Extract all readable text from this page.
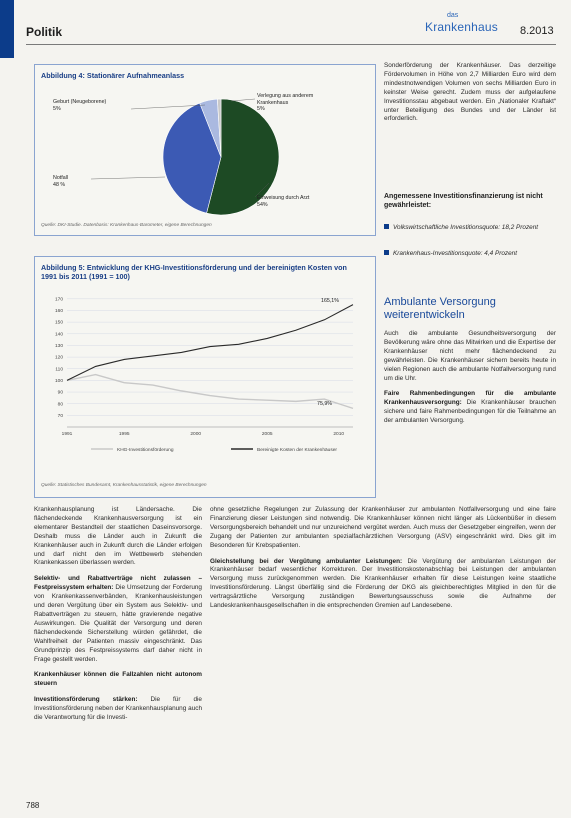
Politik
das
Krankenhaus	8.2013
Abbildung 4: Stationärer Aufnahmeanlass
Geburt (Neugeborene)
5%
Verlegung aus anderem Krankenhaus
5%
Notfall
48 %
Einweisung durch Arzt
54%
Quelle: DKI-Studie. Datenbasis: Krankenhaus-Barometer, eigene Berechnungen
Abbildung 5: Entwicklung der KHG-Investitionsförderung und der bereinigten Kosten von 1991 bis 2011 (1991 = 100)
70
80
90
100
110
120
130
140
150
160
170
1991	1995	2000	2005	2010
KHG-Investitionsförderung	Bereinigte Kosten der Krankenhäuser
165,1%
75,9%
Quelle: Statistisches Bundesamt, Krankenhausstatistik, eigene Berechnungen

Sonderförderung der Krankenhäuser. Das derzeitige Fördervolumen in Höhe von 2,7 Milliarden Euro wird dem mindestnotwendigen Volumen von sechs Milliarden Euro in keinster Weise gerecht. Zudem muss der aufgelaufene Investitionsstau abgebaut werden. Ein „Nationaler Kraftakt“ unter Beteiligung des Bundes und der Länder ist erforderlich.

Angemessene Investitionsfinanzierung ist nicht gewährleistet:
Volkswirtschaftliche Investitionsquote: 18,2 Prozent
Krankenhaus-Investitionsquote: 4,4 Prozent
Ambulante Versorgung weiterentwickeln

Auch die ambulante Gesundheitsversorgung der Bevölkerung wäre ohne das Mitwirken und die Expertise der Krankenhäuser nicht mehr flächendeckend zu gewährleisten. Die Krankenhäuser sichern bereits heute in vielen Regionen auch die ambulante Notfallversorgung rund um die Uhr.

Faire Rahmenbedingungen für die ambulante Krankenhausversorgung: Die Krankenhäuser brauchen sichere und faire Rahmenbedingungen für die Teilnahme an der ambulanten Versorgung.

Krankenhausplanung ist Ländersache. Die flächendeckende Krankenhausversorgung ist ein elementarer Bestandteil der staatlichen Daseinsvorsorge. Deshalb muss die Länder auch in Zukunft die Krankenhäuser auch in Zukunft durch die Länder erfolgen und darf nicht den im Wettbewerb stehenden Krankenkassen überlassen werden.

Selektiv- und Rabattverträge nicht zulassen – Festpreissystem erhalten: Die Umsetzung der Forderung von Krankenkassenverbänden, Krankenhausleistungen und deren Vergütung über ein System aus Selektiv- und Rabattverträgen zu steuern, hätte gravierende negative Auswirkungen. Die Qualität der Versorgung und deren flächendeckende Sicherstellung würden gefährdet, die Wahlfreiheit der Patienten massiv eingeschränkt. Das Grundprinzip des Festpreissystems darf daher nicht in Frage gestellt werden.

Krankenhäuser können die Fallzahlen nicht autonom steuern

Investitionsförderung stärken: Die für die Investitionsförderung neben der Krankenhausplanung auch die Verantwortung für die Investi-

ohne gesetzliche Regelungen zur Zulassung der Krankenhäuser zur ambulanten Notfallversorgung und eine faire Finanzierung dieser Leistungen sind notwendig. Die Krankenhäuser können nicht länger als Lückenbüßer in diesem Versorgungsbereich behandelt und nur unzureichend vergütet werden. Auch muss der Gesetzgeber eingreifen, wenn der Zugang der Patienten zur ambulanten spezialfachärztlichen Versorgung (ASV) eingeschränkt wird. Dies gilt im Besonderen für Krebspatienten.

Gleichstellung bei der Vergütung ambulanter Leistungen: Die Vergütung der ambulanten Leistungen der Krankenhäuser bedarf wesentlicher Korrekturen. Der Investitionskostenabschlag bei Leistungen der ambulanten Versorgung muss zurückgenommen werden. Die Krankenhäuser erhalten für diese Leistungen keine staatliche Investitionsförderung. Längst überfällig sind die Förderung der DKG als gleichberechtigtes Mitglied in den für die vertragsärztliche Versorgung zuständigen Bewertungsausschuss sowie die Aufnahme der Landeskrankenhausgesellschaften in die entsprechenden Gremien auf Landesebene.

788
